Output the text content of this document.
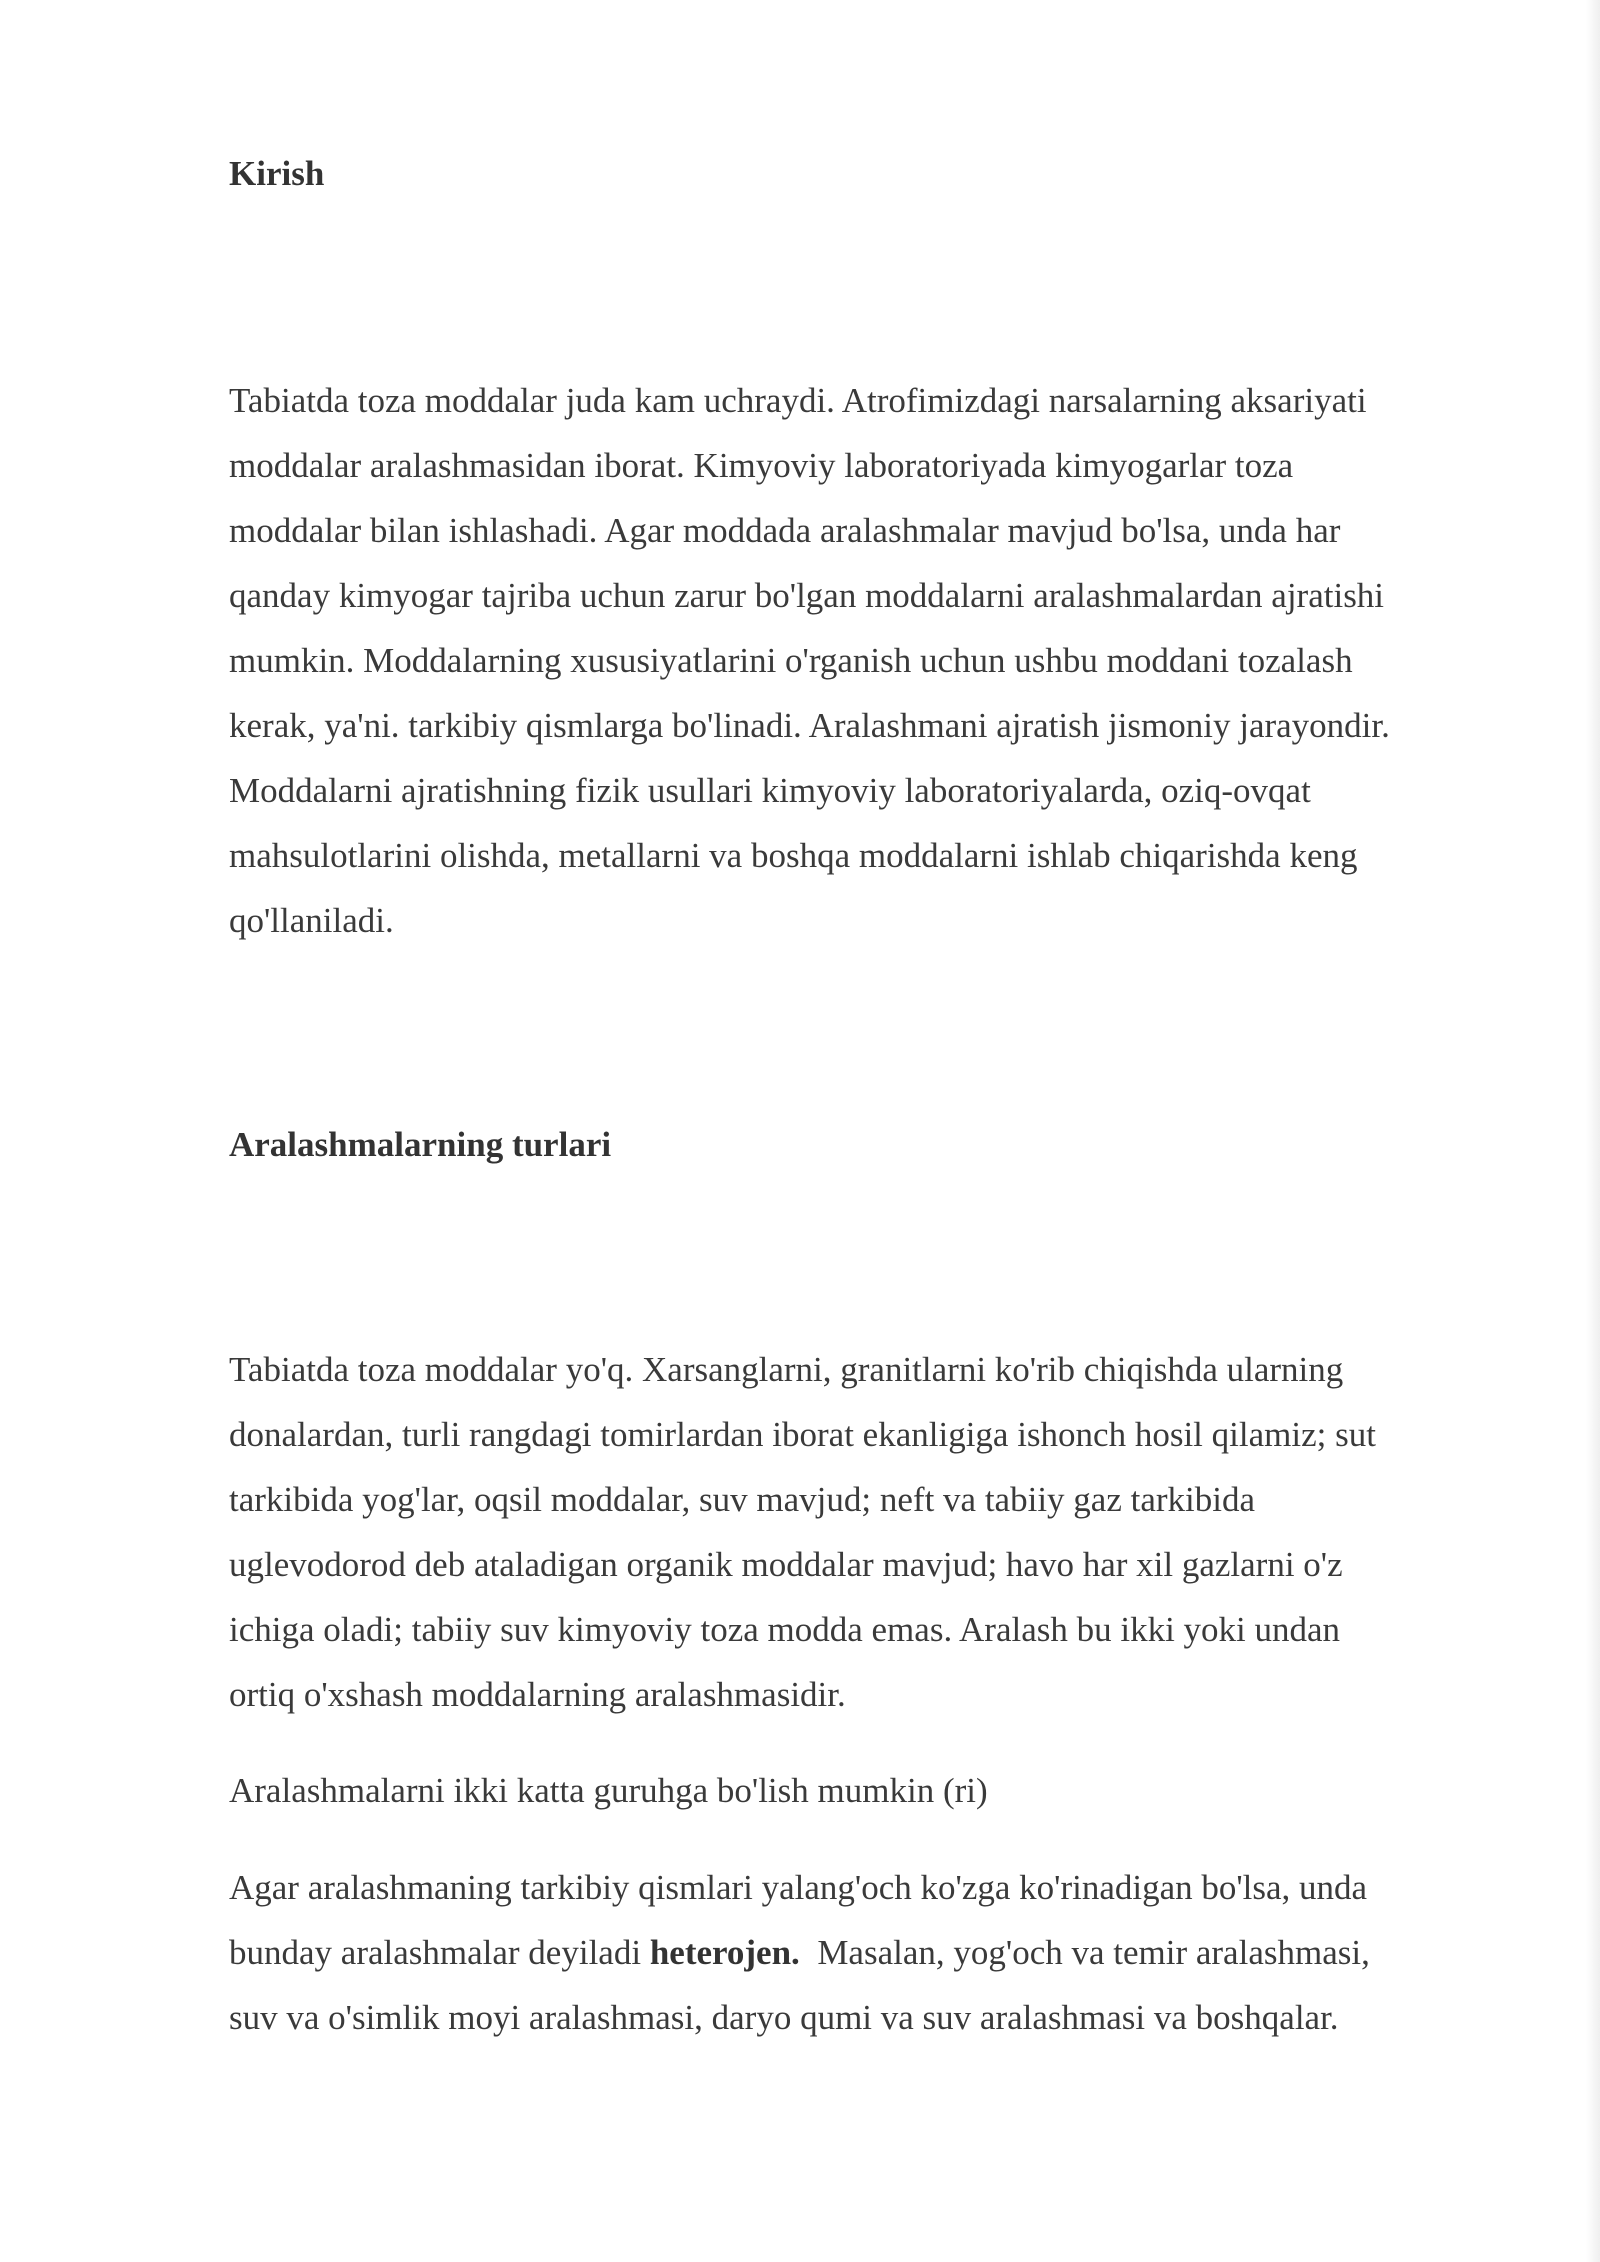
Kirish

Tabiatda toza moddalar juda kam uchraydi. Atrofimizdagi narsalarning aksariyati
moddalar aralashmasidan iborat. Kimyoviy laboratoriyada kimyogarlar toza
moddalar bilan ishlashadi. Agar moddada aralashmalar mavjud bo'lsa, unda har
qanday kimyogar tajriba uchun zarur bo'lgan moddalarni aralashmalardan ajratishi
mumkin. Moddalarning xususiyatlarini o'rganish uchun ushbu moddani tozalash
kerak, ya'ni. tarkibiy qismlarga bo'linadi. Aralashmani ajratish jismoniy jarayondir.
Moddalarni ajratishning fizik usullari kimyoviy laboratoriyalarda, oziq-ovqat
mahsulotlarini olishda, metallarni va boshqa moddalarni ishlab chiqarishda keng
qo'llaniladi.

Aralashmalarning turlari

Tabiatda toza moddalar yo'q. Xarsanglarni, granitlarni ko'rib chiqishda ularning
donalardan, turli rangdagi tomirlardan iborat ekanligiga ishonch hosil qilamiz; sut
tarkibida yog'lar, oqsil moddalar, suv mavjud; neft va tabiiy gaz tarkibida
uglevodorod deb ataladigan organik moddalar mavjud; havo har xil gazlarni o'z
ichiga oladi; tabiiy suv kimyoviy toza modda emas. Aralash bu ikki yoki undan
ortiq o'xshash moddalarning aralashmasidir.

Aralashmalarni ikki katta guruhga bo'lish mumkin (ri)

Agar aralashmaning tarkibiy qismlari yalang'och ko'zga ko'rinadigan bo'lsa, unda
bunday aralashmalar deyiladi heterojen.  Masalan, yog'och va temir aralashmasi,
suv va o'simlik moyi aralashmasi, daryo qumi va suv aralashmasi va boshqalar.
